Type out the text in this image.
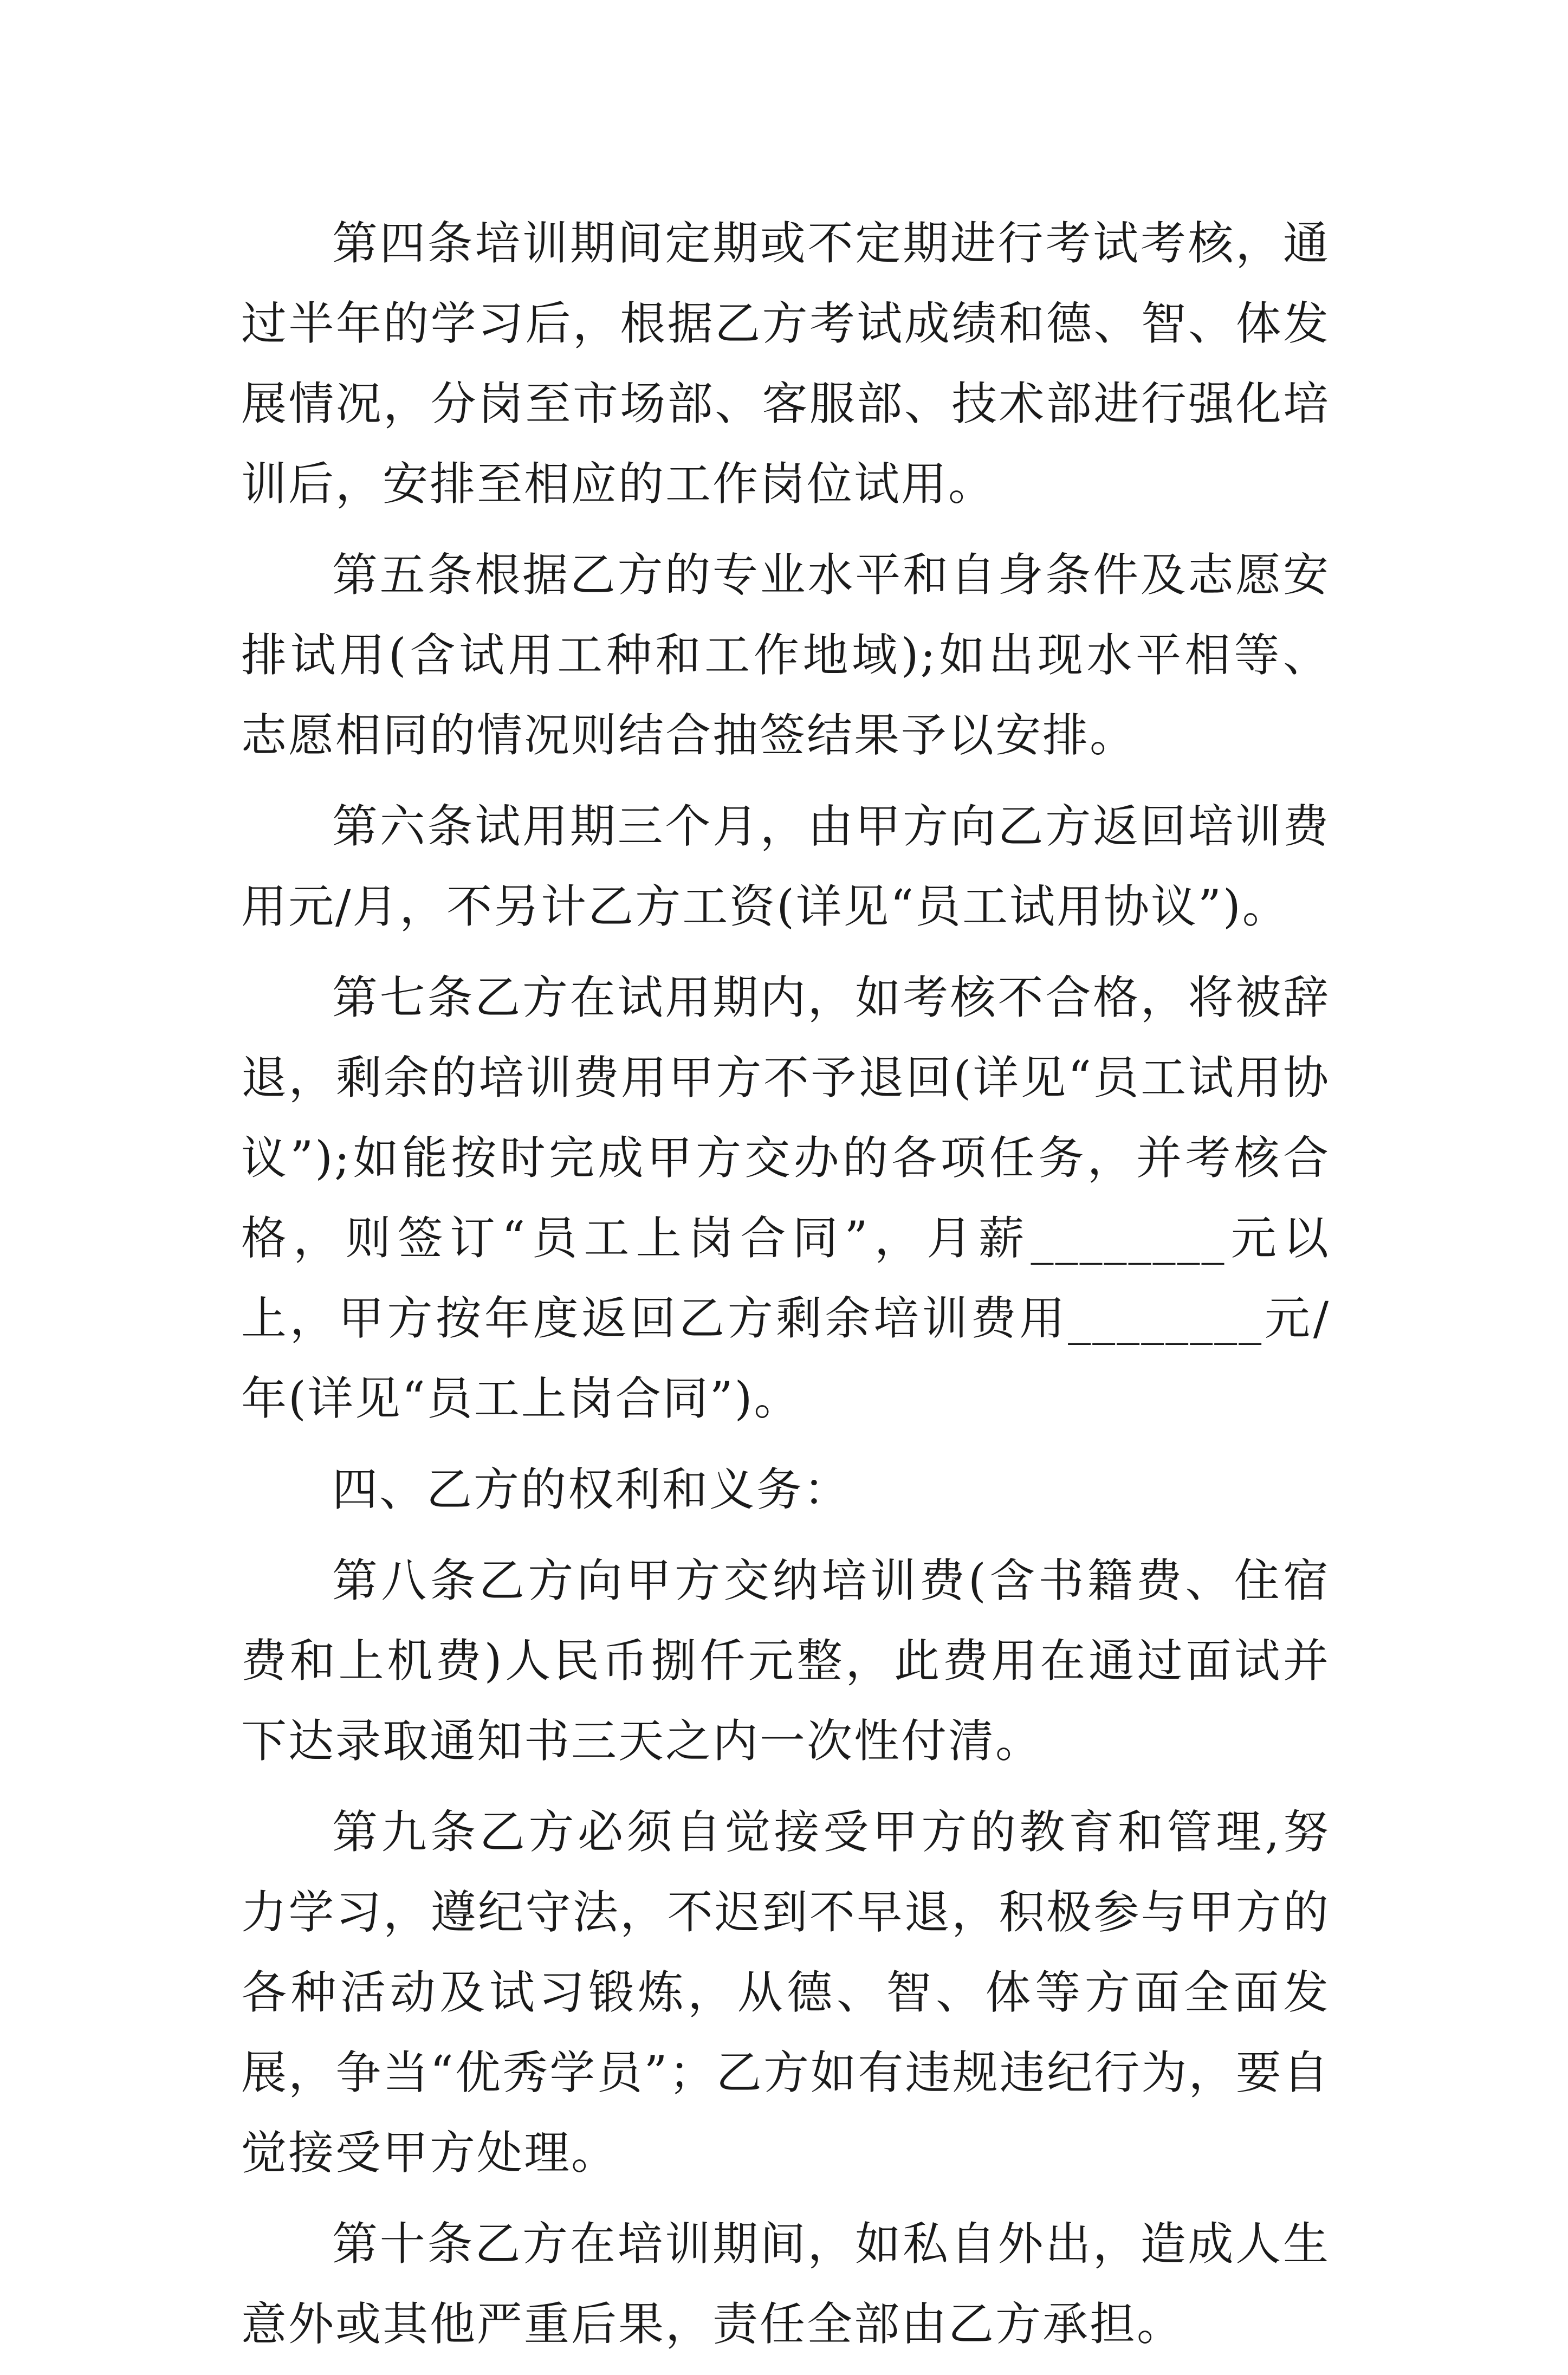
第四条培训期间定期或不定期进行考试考核，通过半年的学习后，根据乙方考试成绩和德、智、体发展情况，分岗至市场部、客服部、技术部进行强化培训后，安排至相应的工作岗位试用。

第五条根据乙方的专业水平和自身条件及志愿安排试用(含试用工种和工作地域);如出现水平相等、志愿相同的情况则结合抽签结果予以安排。

第六条试用期三个月，由甲方向乙方返回培训费用元/月，不另计乙方工资(详见“员工试用协议”)。

第七条乙方在试用期内，如考核不合格，将被辞退，剩余的培训费用甲方不予退回(详见“员工试用协议”);如能按时完成甲方交办的各项任务，并考核合格，则签订“员工上岗合同”，月薪________元以上，甲方按年度返回乙方剩余培训费用________元/年(详见“员工上岗合同”)。

四、乙方的权利和义务：

第八条乙方向甲方交纳培训费(含书籍费、住宿费和上机费)人民币捌仟元整，此费用在通过面试并下达录取通知书三天之内一次性付清。

第九条乙方必须自觉接受甲方的教育和管理,努力学习，遵纪守法，不迟到不早退，积极参与甲方的各种活动及试习锻炼，从德、智、体等方面全面发展，争当“优秀学员”；乙方如有违规违纪行为，要自觉接受甲方处理。

第十条乙方在培训期间，如私自外出，造成人生意外或其他严重后果，责任全部由乙方承担。
